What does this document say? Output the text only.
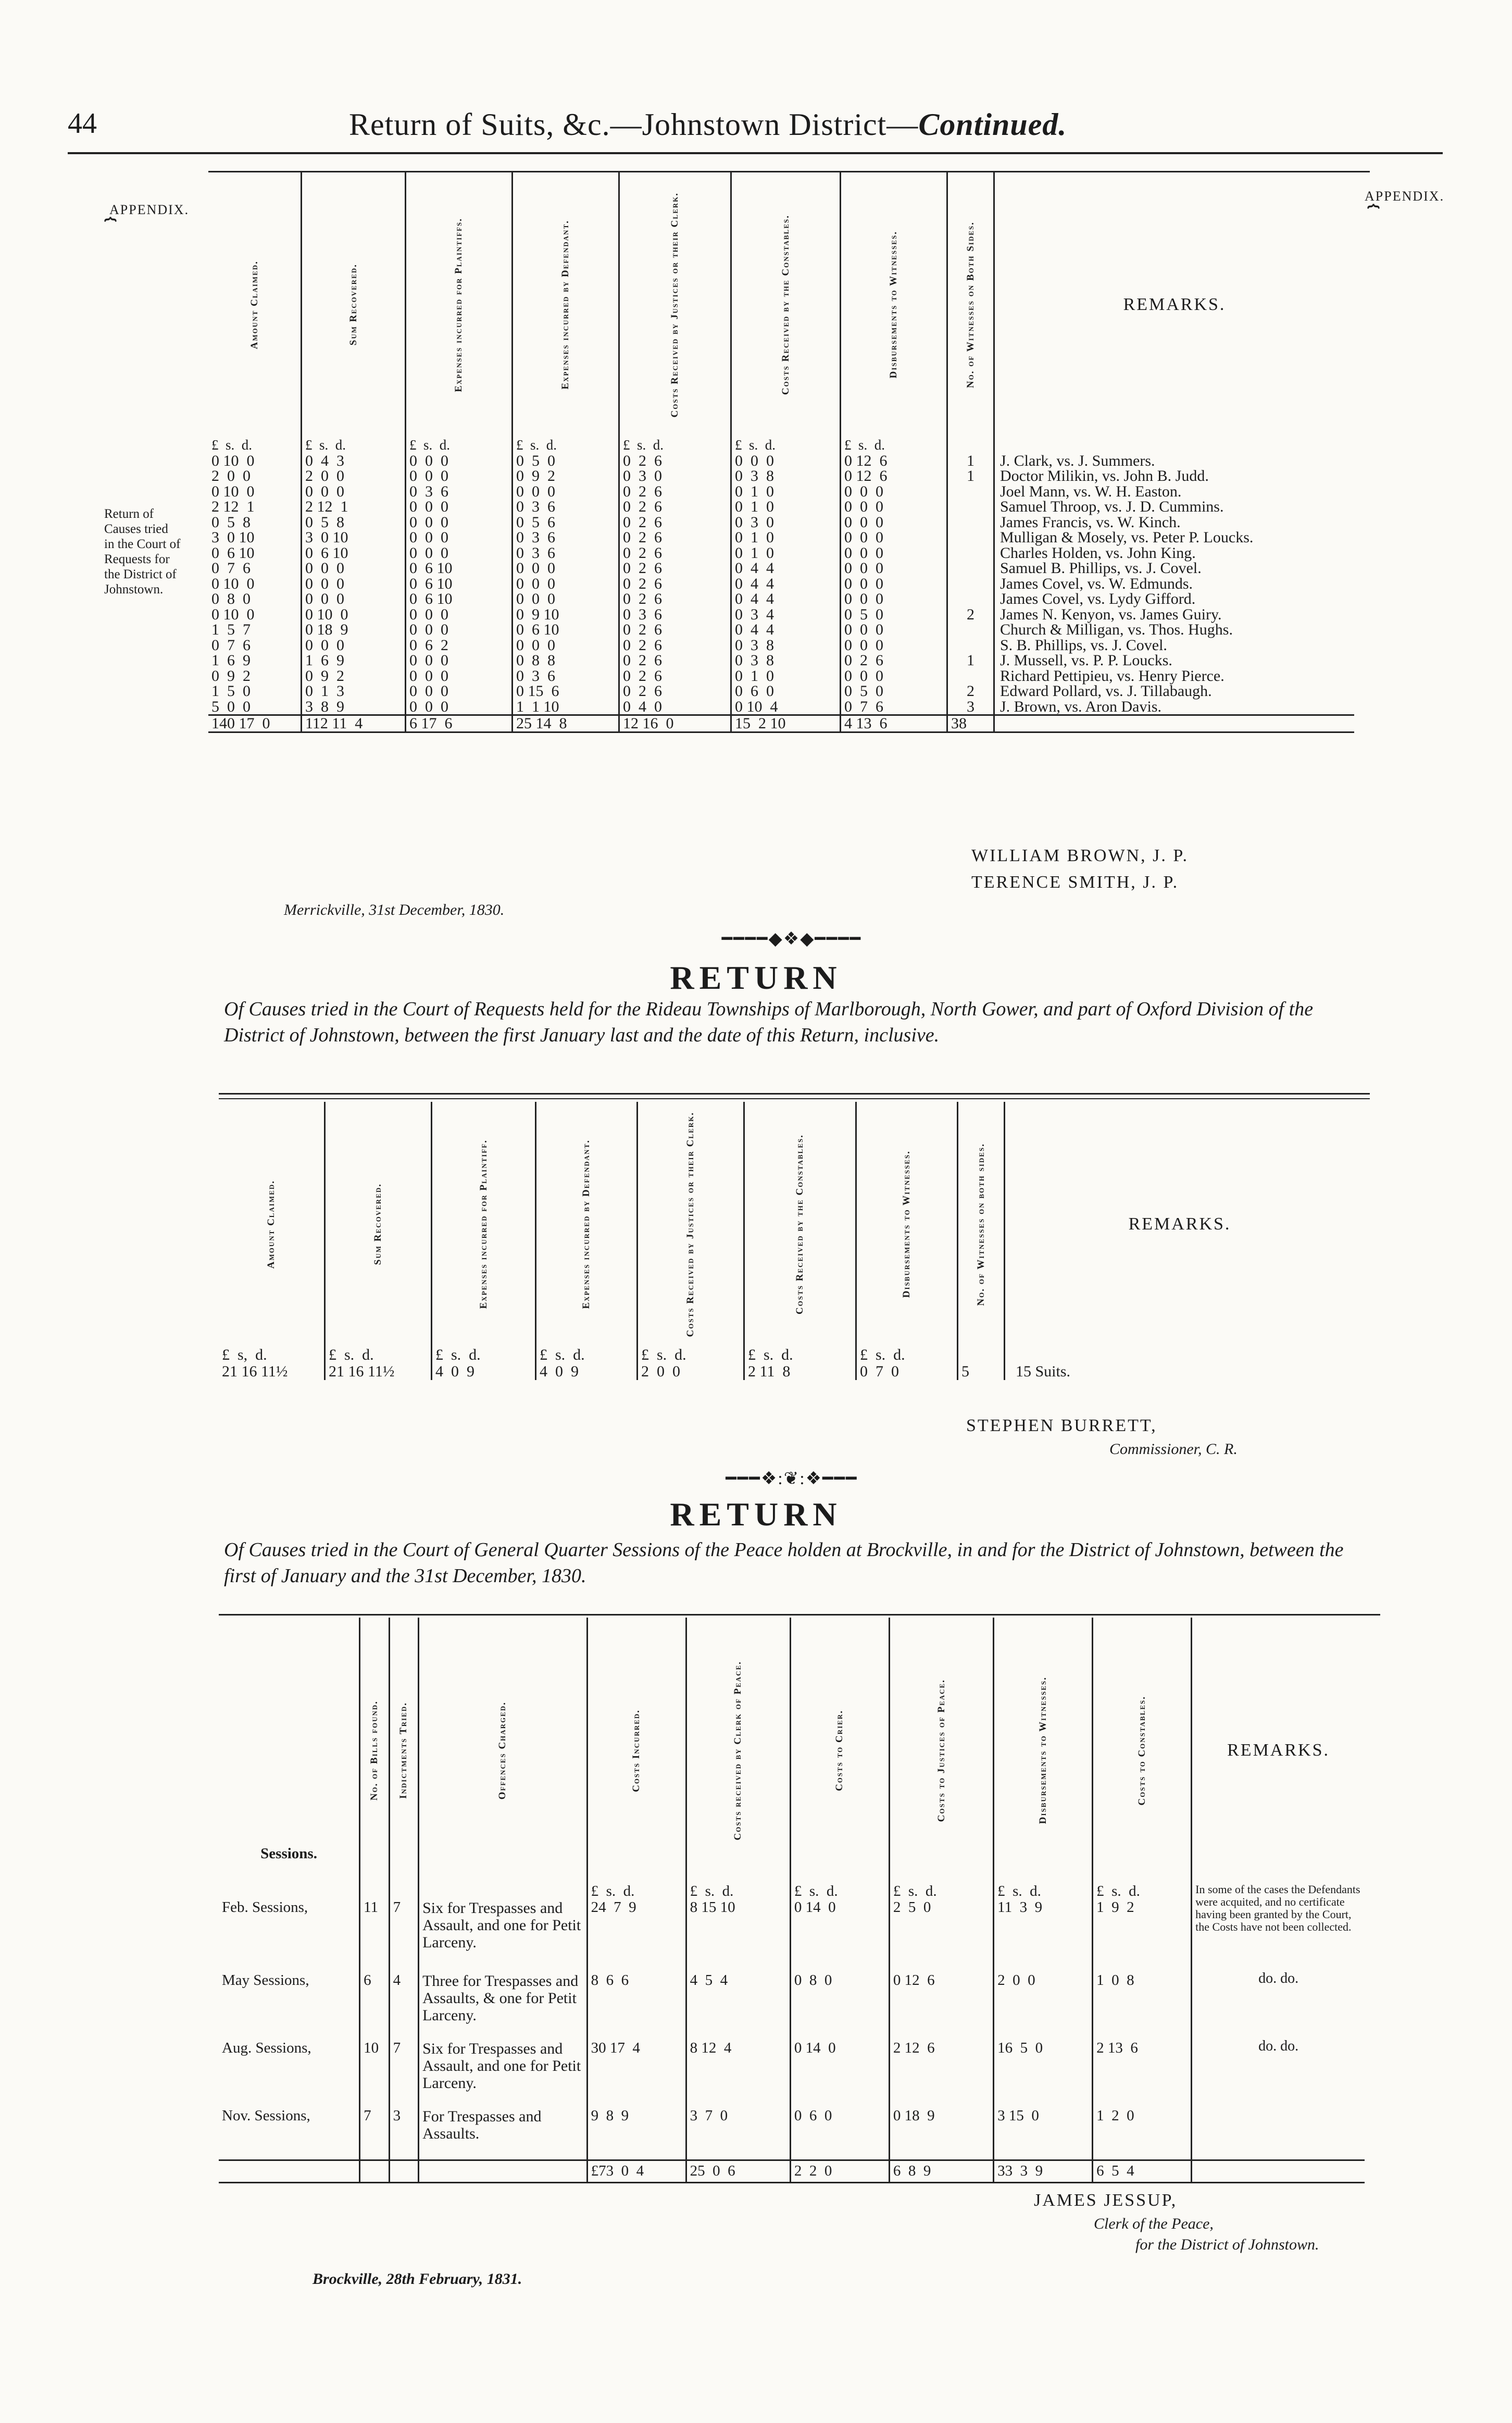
44	Return of Suits, &c.—Johnstown District—Continued.
APPENDIX.
⏞
APPENDIX.
⏞
Return of
Causes tried
in the Court of
Requests for
the District of
Johnstown.
Amount Claimed.	Sum Recovered.	Expenses incurred for Plaintiffs.	Expenses incurred by Defendant.	Costs Received by Justices or their Clerk.	Costs Received by the Constables.	Disbursements to Witnesses.	No. of Witnesses on Both Sides.	REMARKS.
£  s.  d.	£  s.  d.	£  s.  d.	£  s.  d.	£  s.  d.	£  s.  d.	£  s.  d.		
0 10  0	0  4  3	0  0  0	0  5  0	0  2  6	0  0  0	0 12  6	1	J. Clark, vs. J. Summers.
2  0  0	2  0  0	0  0  0	0  9  2	0  3  0	0  3  8	0 12  6	1	Doctor Milikin, vs. John B. Judd.
0 10  0	0  0  0	0  3  6	0  0  0	0  2  6	0  1  0	0  0  0		Joel Mann, vs. W. H. Easton.
2 12  1	2 12  1	0  0  0	0  3  6	0  2  6	0  1  0	0  0  0		Samuel Throop, vs. J. D. Cummins.
0  5  8	0  5  8	0  0  0	0  5  6	0  2  6	0  3  0	0  0  0		James Francis, vs. W. Kinch.
3  0 10	3  0 10	0  0  0	0  3  6	0  2  6	0  1  0	0  0  0		Mulligan & Mosely, vs. Peter P. Loucks.
0  6 10	0  6 10	0  0  0	0  3  6	0  2  6	0  1  0	0  0  0		Charles Holden, vs. John King.
0  7  6	0  0  0	0  6 10	0  0  0	0  2  6	0  4  4	0  0  0		Samuel B. Phillips, vs. J. Covel.
0 10  0	0  0  0	0  6 10	0  0  0	0  2  6	0  4  4	0  0  0		James Covel, vs. W. Edmunds.
0  8  0	0  0  0	0  6 10	0  0  0	0  2  6	0  4  4	0  0  0		James Covel, vs. Lydy Gifford.
0 10  0	0 10  0	0  0  0	0  9 10	0  3  6	0  3  4	0  5  0	2	James N. Kenyon, vs. James Guiry.
1  5  7	0 18  9	0  0  0	0  6 10	0  2  6	0  4  4	0  0  0		Church & Milligan, vs. Thos. Hughs.
0  7  6	0  0  0	0  6  2	0  0  0	0  2  6	0  3  8	0  0  0		S. B. Phillips, vs. J. Covel.
1  6  9	1  6  9	0  0  0	0  8  8	0  2  6	0  3  8	0  2  6	1	J. Mussell, vs. P. P. Loucks.
0  9  2	0  9  2	0  0  0	0  3  6	0  2  6	0  1  0	0  0  0		Richard Pettipieu, vs. Henry Pierce.
1  5  0	0  1  3	0  0  0	0 15  6	0  2  6	0  6  0	0  5  0	2	Edward Pollard, vs. J. Tillabaugh.
5  0  0	3  8  9	0  0  0	1  1 10	0  4  0	0 10  4	0  7  6	3	J. Brown, vs. Aron Davis.
140 17  0	112 11  4	6 17  6	25 14  8	12 16  0	15  2 10	4 13  6	38	
WILLIAM BROWN, J. P.
TERENCE SMITH, J. P.
Merrickville, 31st December, 1830.
━━━━◆❖◆━━━━
RETURN
Of Causes tried in the Court of Requests held for the Rideau Townships of Marlborough, North Gower, and part of Oxford Division of the District of Johnstown, between the first January last and the date of this Return, inclusive.
Amount Claimed.	Sum Recovered.	Expenses incurred for Plaintiff.	Expenses incurred by Defendant.	Costs Received by Justices or their Clerk.	Costs Received by the Constables.	Disbursements to Witnesses.	No. of Witnesses on both sides.	REMARKS.
£  s,  d.	£  s.  d.	£  s.  d.	£  s.  d.	£  s.  d.	£  s.  d.	£  s.  d.		
21 16 11½	21 16 11½	4  0  9	4  0  9	2  0  0	2 11  8	0  7  0	5	15 Suits.
STEPHEN BURRETT,
Commissioner, C. R.
━━━❖:❦:❖━━━
RETURN
Of Causes tried in the Court of General Quarter Sessions of the Peace holden at Brockville, in and for the District of Johnstown, between the first of January and the 31st December, 1830.
Sessions.	No. of Bills found.	Indictments Tried.	Offences Charged.	Costs Incurred.	Costs received by Clerk of Peace.	Costs to Crier.	Costs to Justices of Peace.	Disbursements to Witnesses.	Costs to Constables.	REMARKS.
				£  s.  d.	£  s.  d.	£  s.  d.	£  s.  d.	£  s.  d.	£  s.  d.	In some of the cases the Defendants were acquited, and no certificate having been granted by the Court, the Costs have not been collected.
Feb. Sessions,	11	7	Six for Trespasses and Assault, and one for Petit Larceny.	24  7  9	8 15 10	0 14  0	2  5  0	11  3  9	1  9  2	
May Sessions,	6	4	Three for Trespasses and Assaults, & one for Petit Larceny.	8  6  6	4  5  4	0  8  0	0 12  6	2  0  0	1  0  8	do. do.
Aug. Sessions,	10	7	Six for Trespasses and Assault, and one for Petit Larceny.	30 17  4	8 12  4	0 14  0	2 12  6	16  5  0	2 13  6	do. do.
Nov. Sessions,	7	3	For Trespasses and Assaults.	9  8  9	3  7  0	0  6  0	0 18  9	3 15  0	1  2  0	
				£73  0  4	25  0  6	2  2  0	6  8  9	33  3  9	6  5  4	
JAMES JESSUP,
Clerk of the Peace,
for the District of Johnstown.
Brockville, 28th February, 1831.
